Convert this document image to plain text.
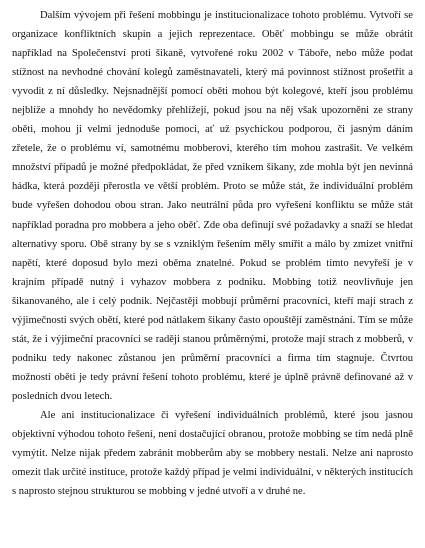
Dalším vývojem při řešení mobbingu je institucionalizace tohoto problému. Vytvoří se organizace konfliktních skupin a jejich reprezentace. Oběť mobbingu se může obrátit například na Společenství proti šikaně, vytvořené roku 2002 v Táboře, nebo může podat stížnost na nevhodné chování kolegů zaměstnavateli, který má povinnost stížnost prošetřit a vyvodit z ní důsledky. Nejsnadnější pomocí oběti mohou být kolegové, kteří jsou problému nejblíže a mnohdy ho nevědomky přehlížejí, pokud jsou na něj však upozorněni ze strany oběti, mohou ji velmi jednoduše pomoci, ať už psychickou podporou, či jasným dáním zřetele, že o problému ví, samotnému mobberovi, kterého tím mohou zastrašit. Ve velkém množství případů je možné předpokládat, že před vznikem šikany, zde mohla být jen nevinná hádka, která později přerostla ve větší problém. Proto se může stát, že individuální problém bude vyřešen dohodou obou stran. Jako neutrální půda pro vyřešení konfliktu se může stát například poradna pro mobbera a jeho oběť. Zde oba definují své požadavky a snaží se hledat alternativy sporu. Obě strany by se s vzniklým řešením měly smířit a málo by zmizet vnitřní napětí, které doposud bylo mezi oběma znatelné. Pokud se problém tímto nevyřeší je v krajním případě nutný i vyhazov mobbera z podniku. Mobbing totiž neovlivňuje jen šikanovaného, ale i celý podnik. Nejčastěji mobbují průměrní pracovníci, kteří mají strach z výjimečnosti svých obětí, které pod nátlakem šikany často opouštějí zaměstnání. Tím se může stát, že i výjimeční pracovníci se raději stanou průměrnými, protože mají strach z mobberů, v podniku tedy nakonec zůstanou jen průměrní pracovníci a firma tím stagnuje. Čtvrtou možností oběti je tedy právní řešení tohoto problému, které je úplně právně definované až v posledních dvou letech.

Ale ani institucionalizace či vyřešení individuálních problémů, které jsou jasnou objektivní výhodou tohoto řešení, není dostačující obranou, protože mobbing se tím nedá plně vymýtit. Nelze nijak předem zabránit mobberům aby se mobbery nestali. Nelze ani naprosto omezit tlak určité instituce, protože každý případ je velmi individuální, v některých institucích s naprosto stejnou strukturou se mobbing v jedné utvoří a v druhé ne.
